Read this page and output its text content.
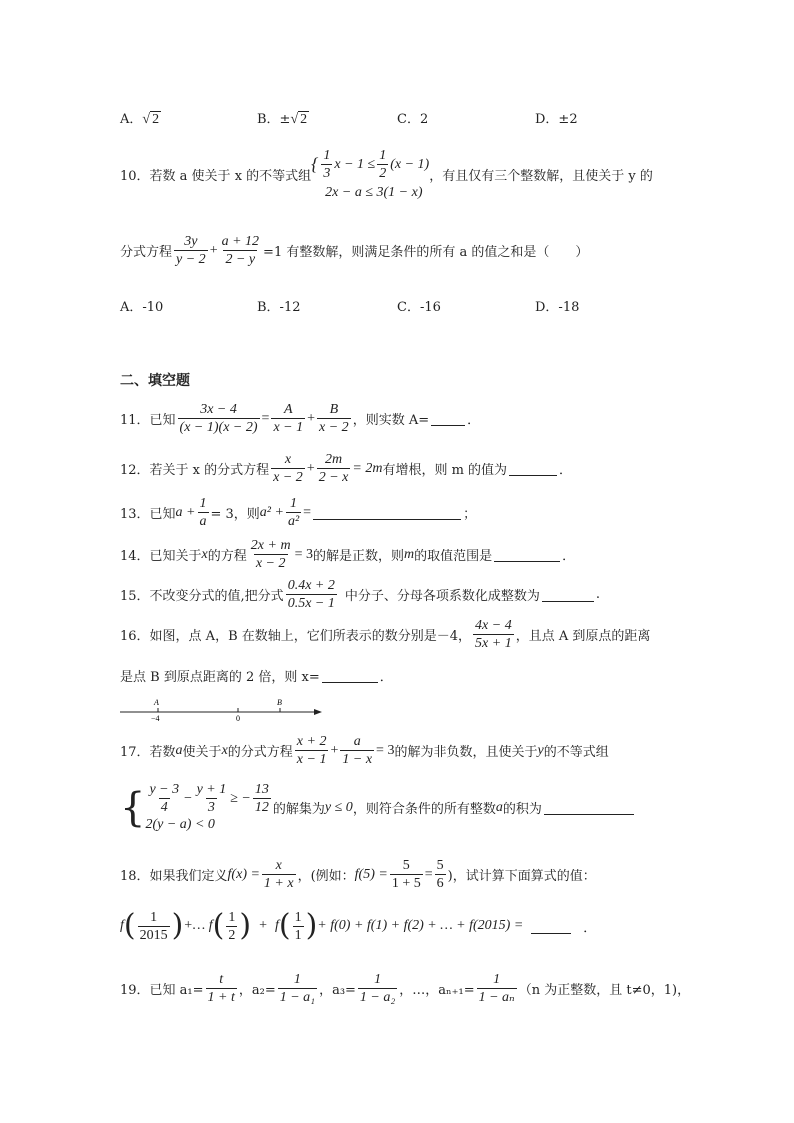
A．√ 2	B．±√ 2	C．2	D．±2
10．若数 a 使关于 x 的不等式组
{ $\frac{1}{3}$ $x - 1 \le \frac{1}{2} (x - 1)$
2x − a ≤ 3(1 − x)
，有且仅有三个整数解，且使关于 y 的
分式方程 $\frac{3y}{y - 2} + \frac{a + 12}{2 - y} =1$ 有整数解，则满足条件的所有 a 的值之和是（　　）
A．-10	B．-12	C．-16	D．-18
二、填空题
11．已知 $\frac{3x - 4}{(x - 1)(x - 2)} = \frac{A}{x - 1} + \frac{B}{x - 2}$ ，则实数 A=	．
12．若关于 x 的分式方程 $\frac{x}{x - 2} + \frac{2m}{2 - x} = 2m$ 有增根，则 m 的值为	．
13．已知 $a + \frac{1}{a} = 3$，则 $a^2 + \frac{1}{\text{a²}}$ =	；
14．已知关于 x 的方程 $\frac{2x + m}{x - 2} = 3$ 的解是正数，则 m 的取值范围是	．
15．不改变分式的值,把分式 $\frac{0.4x + 2}{0.5x - 1}$ 中分子、分母各项系数化成整数为	.
16．如图，点 A，B 在数轴上，它们所表示的数分别是－4， $\frac{4x - 4}{5x + 1}$ ，且点 A 到原点的距离
是点 B 到原点距离的 2 倍，则 x=	．
A	B
−4	0
17．若数 a 使关于 x 的分式方程 $\frac{x + 2}{x - 1} + \frac{a}{1 - x} = 3$ 的解为非负数，且使关于 y 的不等式组
{ $\frac{y - 3}{4} - \frac{y + 1}{3}$ ≥ − $\frac{13}{12}$
2(y − a) < 0
的解集为 y ≤ 0 ，则符合条件的所有整数 a 的积为
18．如果我们定义 $f(x) = \frac{x}{1 + x}$ ，(例如： $f(5) = \frac{5}{1 + 5} = \frac{5}{6}$ )，试计算下面算式的值：
f ( $\frac{1}{2015}$ ) +… f ( $\frac{1}{2}$ ) + f ( $\frac{1}{1}$ ) + f(0) + f(1) + f(2) + … + f(2015) =	．
19．已知 $a_1= \frac{t}{1 + t}$ ，$a_2= \frac{1}{\text{1 − a₁}}$ ，$a_3= \frac{1}{\text{1 − a₂}}$ ，…，$a_{n+1}= \frac{1}{\text{1 − aₙ}} (n$ 为正整数，且 t≠0，1)，
